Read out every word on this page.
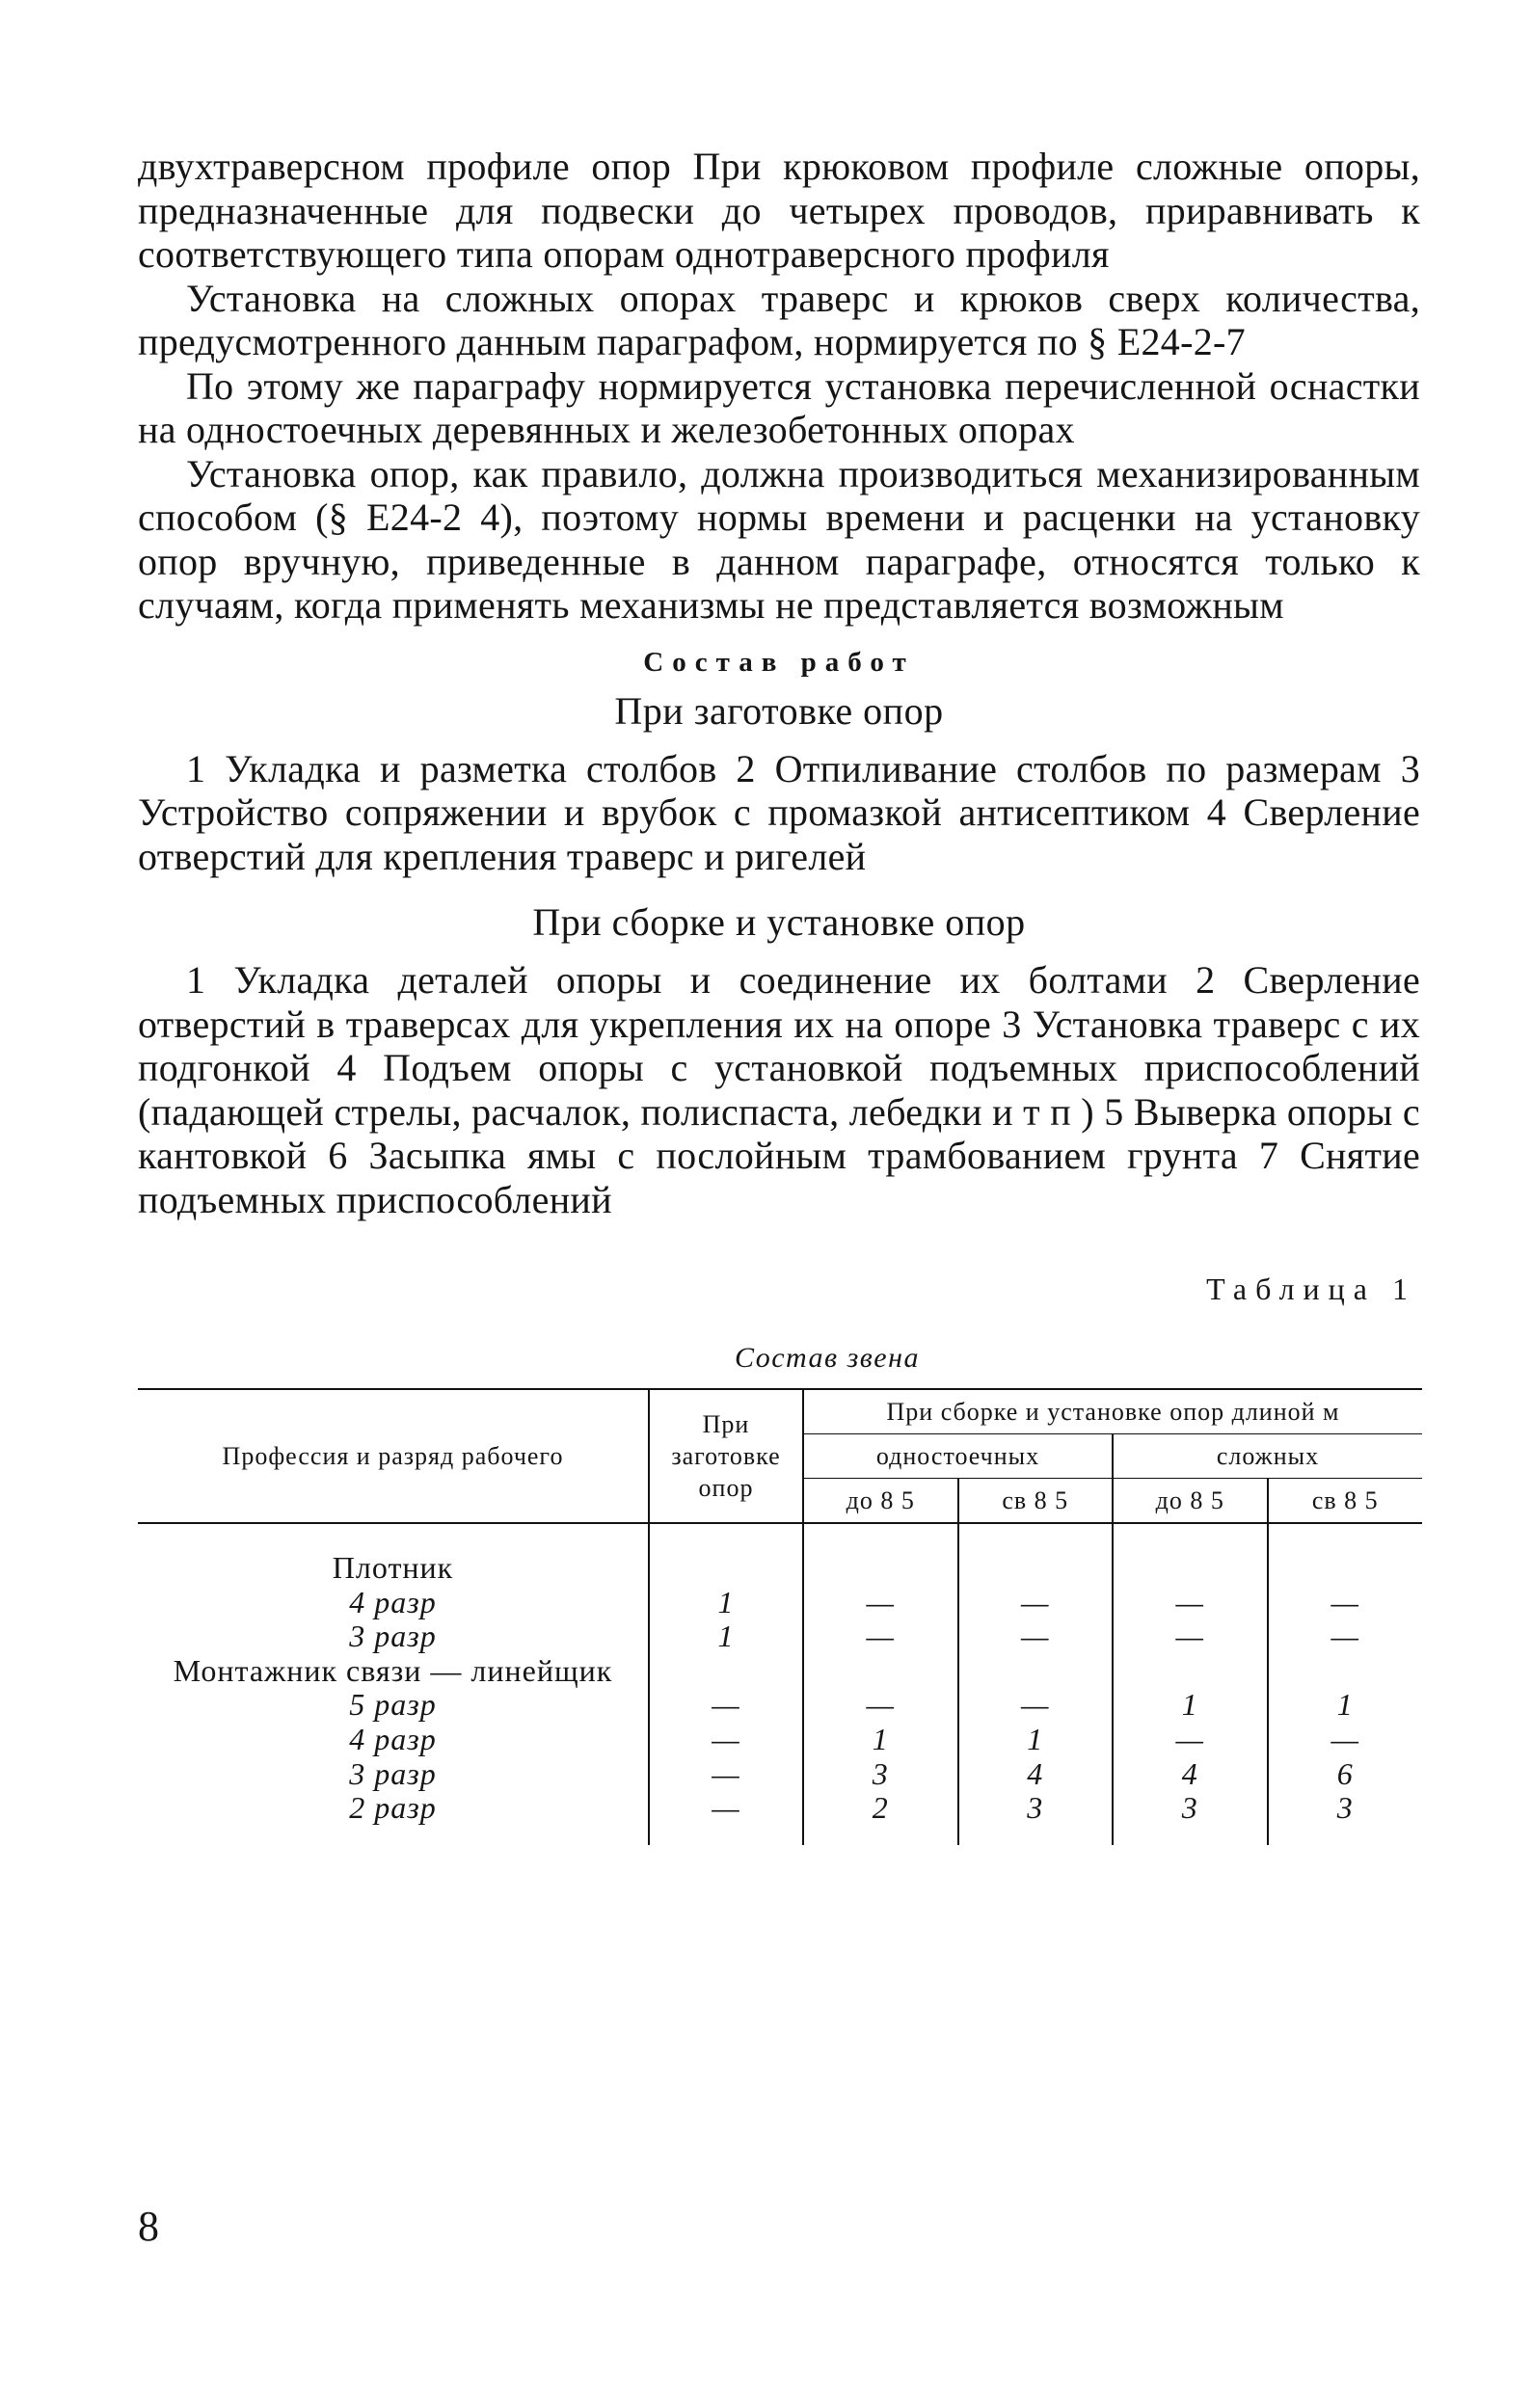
двухтраверсном профиле опор При крюковом профиле сложные опоры, предназначенные для подвески до четырех проводов, приравнивать к соответствующего типа опорам однотраверсного профиля

Установка на сложных опорах траверс и крюков сверх количества, предусмотренного данным параграфом, нормируется по § Е24-2-7

По этому же параграфу нормируется установка перечисленной оснастки на одностоечных деревянных и железобетонных опорах

Установка опор, как правило, должна производиться механизированным способом (§ Е24-2 4), поэтому нормы времени и расценки на установку опор вручную, приведенные в данном параграфе, относятся только к случаям, когда применять механизмы не представляется возможным

Состав работ
При заготовке опор

1 Укладка и разметка столбов 2 Отпиливание столбов по размерам 3 Устройство сопряжении и врубок с промазкой антисептиком 4 Сверление отверстий для крепления траверс и ригелей

При сборке и установке опор

1 Укладка деталей опоры и соединение их болтами 2 Сверление отверстий в траверсах для укрепления их на опоре 3 Установка траверс с их подгонкой 4 Подъем опоры с установкой подъемных приспособлений (падающей стрелы, расчалок, полиспаста, лебедки и т п ) 5 Выверка опоры с кантовкой 6 Засыпка ямы с послойным трамбованием грунта 7 Снятие подъемных приспособлений

Таблица 1
Состав звена
Профессия и разряд рабочего	При заготовке опор	При сборке и установке опор длиной м			
		одностоечных		сложных	
		до 8 5	св 8 5	до 8 5	св 8 5

Плотник					
4 разр	1	—	—	—	—
3 разр	1	—	—	—	—
Монтажник связи — линейщик					
5 разр	—	—	—	1	1
4 разр	—	1	1	—	—
3 разр	—	3	4	4	6
2 разр	—	2	3	3	3

8
